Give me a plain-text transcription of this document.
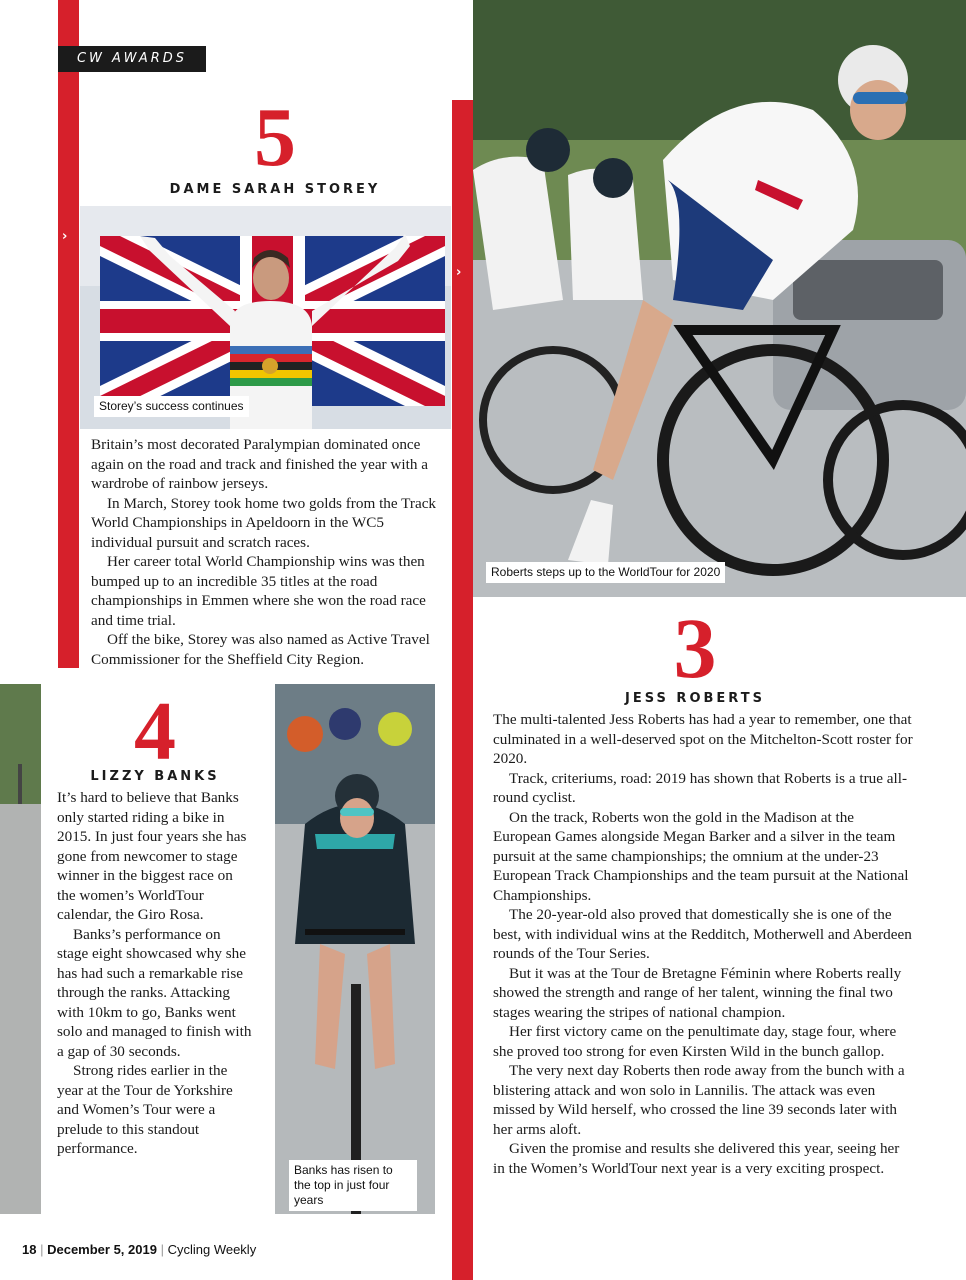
CW AWARDS
5
DAME SARAH STOREY
Storey’s success continues
›

Britain’s most decorated Paralympian dominated once again on the road and track and finished the year with a wardrobe of rainbow jerseys.

In March, Storey took home two golds from the Track World Championships in Apeldoorn in the WC5 individual pursuit and scratch races.

Her career total World Championship wins was then bumped up to an incredible 35 titles at the road championships in Emmen where she won the road race and time trial.

Off the bike, Storey was also named as Active Travel Commissioner for the Sheffield City Region.

Roberts steps up to the WorldTour for 2020
›
3
JESS ROBERTS

The multi-talented Jess Roberts has had a year to remember, one that culminated in a well-deserved spot on the Mitchelton-Scott roster for 2020.

Track, criteriums, road: 2019 has shown that Roberts is a true all-round cyclist.

On the track, Roberts won the gold in the Madison at the European Games alongside Megan Barker and a silver in the team pursuit at the same championships; the omnium at the under-23 European Track Championships and the team pursuit at the National Championships.

The 20-year-old also proved that domestically she is one of the best, with individual wins at the Redditch, Motherwell and Aberdeen rounds of the Tour Series.

But it was at the Tour de Bretagne Féminin where Roberts really showed the strength and range of her talent, winning the final two stages wearing the stripes of national champion.

Her first victory came on the penultimate day, stage four, where she proved too strong for even Kirsten Wild in the bunch gallop.

The very next day Roberts then rode away from the bunch with a blistering attack and won solo in Lannilis. The attack was even missed by Wild herself, who crossed the line 39 seconds later with her arms aloft.

Given the promise and results she delivered this year, seeing her in the Women’s WorldTour next year is a very exciting prospect.

4
LIZZY BANKS

It’s hard to believe that Banks only started riding a bike in 2015. In just four years she has gone from newcomer to stage winner in the biggest race on the women’s WorldTour calendar, the Giro Rosa.

Banks’s performance on stage eight showcased why she has had such a remarkable rise through the ranks. Attacking with 10km to go, Banks went solo and managed to finish with a gap of 30 seconds.

Strong rides earlier in the year at the Tour de Yorkshire and Women’s Tour were a prelude to this standout performance.

Banks has risen to the top in just four years
18 | December 5, 2019 | Cycling Weekly
